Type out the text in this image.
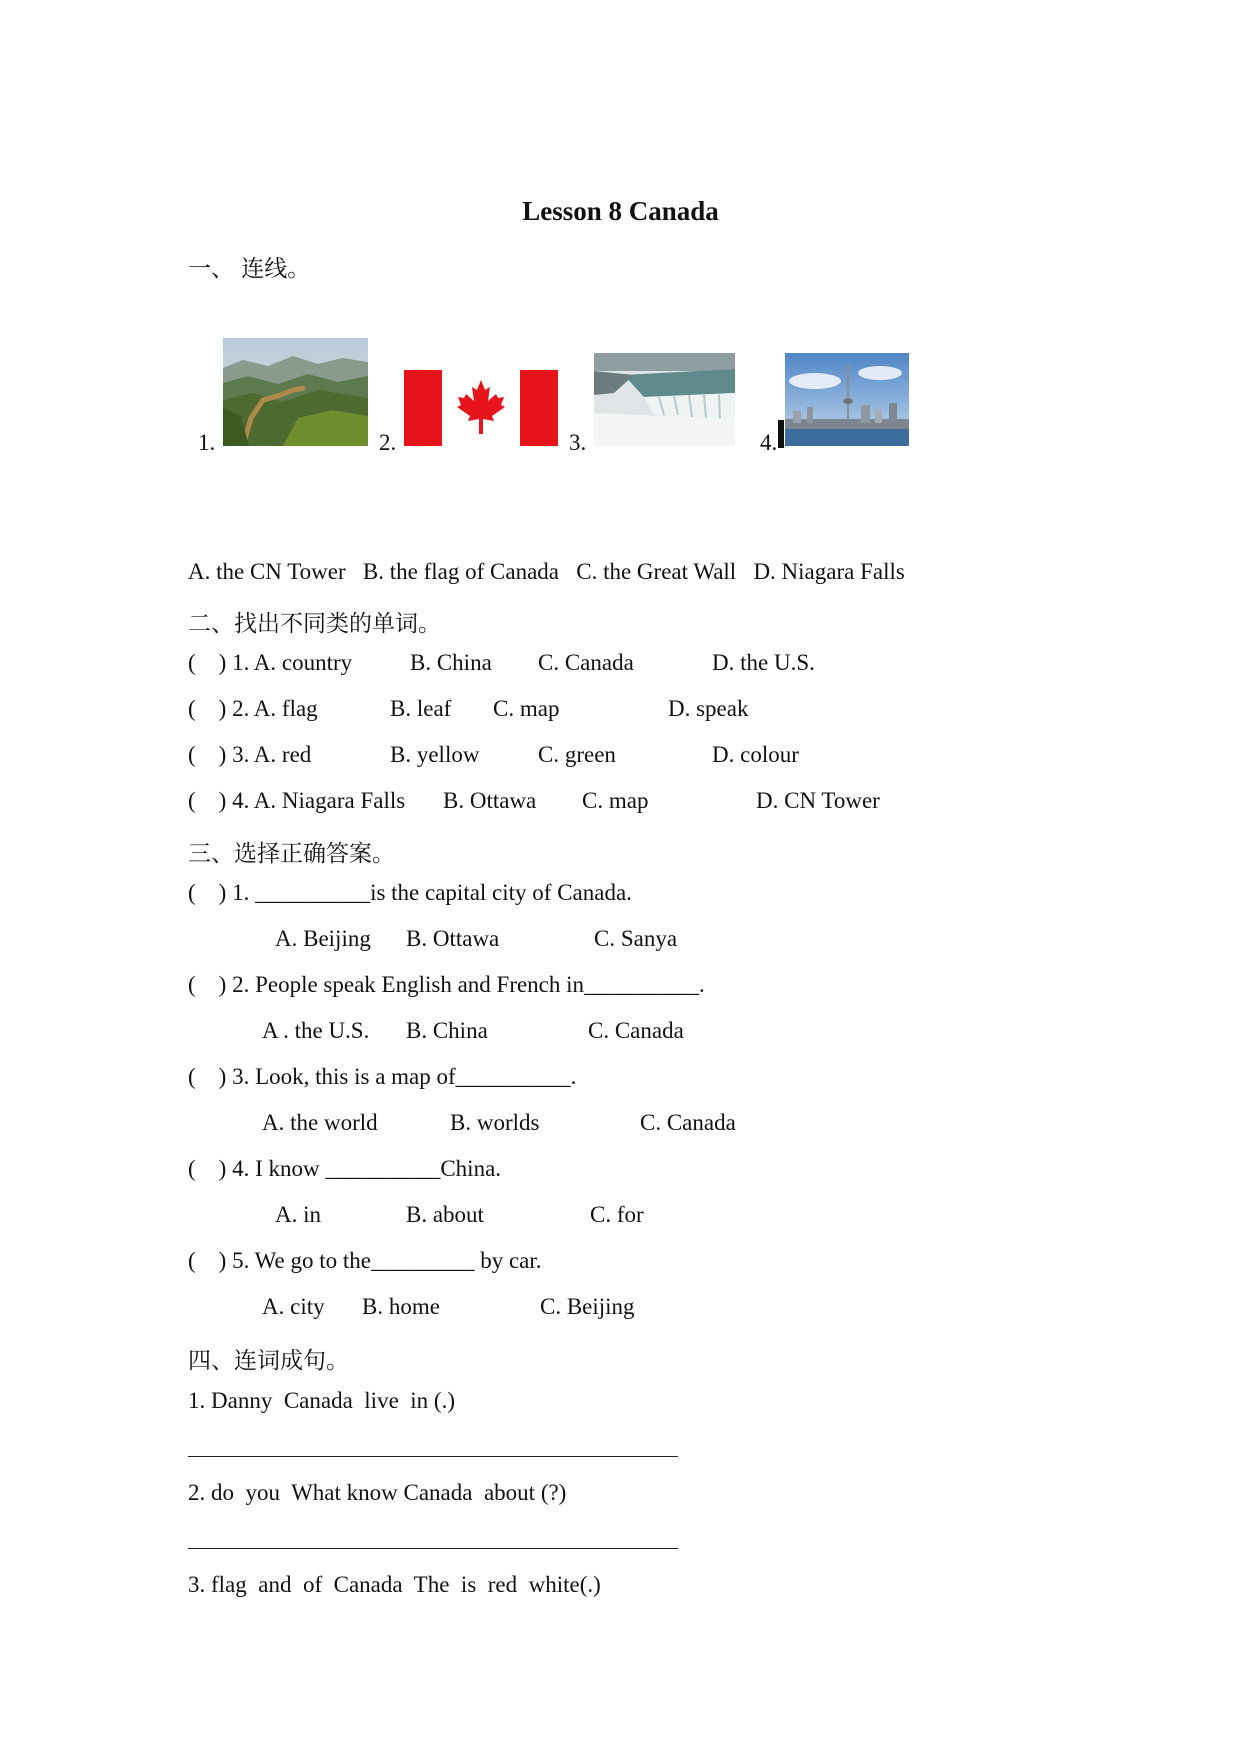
Lesson 8 Canada
一、 连线。
1.	2.	3.	4.
A. the CN Tower   B. the flag of Canada   C. the Great Wall   D. Niagara Falls
二、找出不同类的单词。
(    ) 1. A. country	B. China C. Canada	D. the U.S.
(    ) 2. A. flag	B. leaf C. map	D. speak
(    ) 3. A. red	B. yellow	C. green	D. colour
(    ) 4. A. Niagara Falls B. Ottawa C. map	D. CN Tower
三、选择正确答案。
(    ) 1. __________is the capital city of Canada.
A. Beijing B. Ottawa	C. Sanya
(    ) 2. People speak English and French in__________.
A . the U.S. B. China	C. Canada
(    ) 3. Look, this is a map of__________.
A. the world	B. worlds	C. Canada
(    ) 4. I know __________China.
A. in	B. about	C. for
(    ) 5. We go to the_________ by car.
A. city B. home	C. Beijing
四、连词成句。
1. Danny  Canada  live  in (.)
2. do  you  What know Canada  about (?)
3. flag  and  of  Canada  The  is  red  white(.)
